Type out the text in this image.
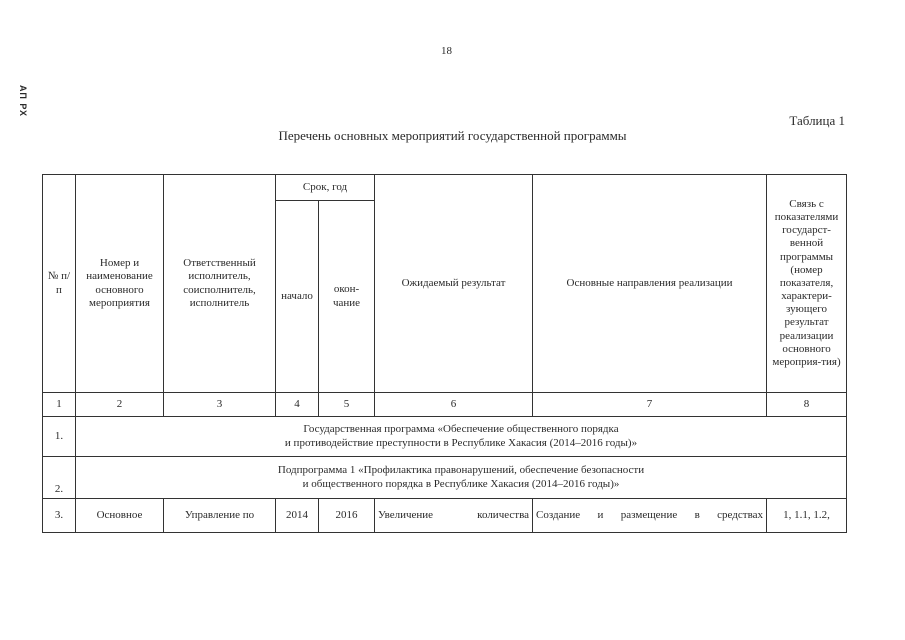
18
АП РХ
Таблица 1
Перечень основных мероприятий государственной программы
№ п/п	Номер и наименование основного мероприятия	Ответственный исполнитель, соисполнитель, исполнитель	Срок, год		Ожидаемый результат	Основные направления реализации	Связь с показателями государст-венной программы (номер показателя, характери-зующего результат реализации основного мероприя-тия)
			начало	окон-чание			
1	2	3	4	5	6	7	8
1.	Государственная программа «Обеспечение общественного порядка
и противодействие преступности в Республике Хакасия (2014–2016 годы)»						

2.	Подпрограмма 1 «Профилактика правонарушений, обеспечение безопасности
и общественного порядка в Республике Хакасия (2014–2016 годы)»						

3.	Основное	Управление по	2014	2016	Увеличение количества	Создание и размещение в средствах	1, 1.1, 1.2,
